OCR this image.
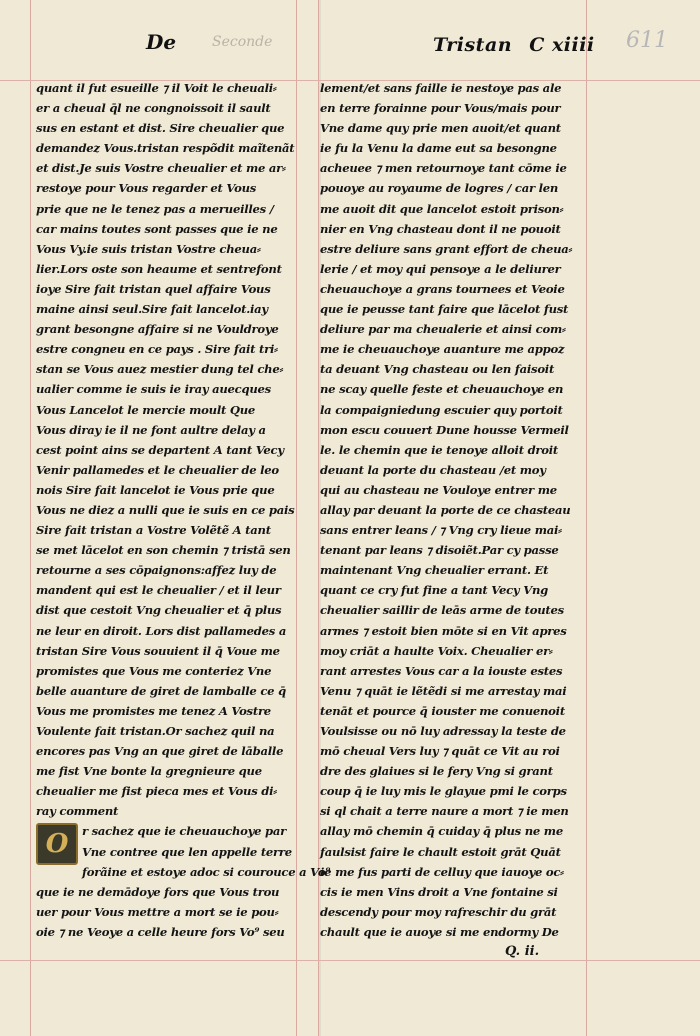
De	Seconde	Tristan C xiiii 611
quant il fut esueille ⁊ il Voit le cheuali⸗
er a cheual q̄l ne congnoissoit il sault
sus en estant et dist. Sire cheualier que
demandez Vous.tristan respõdit maĩtenãt
et dist.Je suis Vostre cheualier et me ar⸗
restoye pour Vous regarder et Vous
prie que ne le tenez pas a merueilles /
car mains toutes sont passes que ie ne
Vous Vy.ie suis tristan Vostre cheua⸗
lier.Lors oste son heaume et sentrefont
ioye Sire fait tristan quel affaire Vous
maine ainsi seul.Sire fait lancelot.iay
grant besongne affaire si ne Vouldroye
estre congneu en ce pays . Sire fait tri⸗
stan se Vous auez mestier dung tel che⸗
ualier comme ie suis ie iray auecques
Vous Lancelot le mercie moult Que
Vous diray ie il ne font aultre delay a
cest point ains se departent A tant Vecy
Venir pallamedes et le cheualier de leo
nois Sire fait lancelot ie Vous prie que
Vous ne diez a nulli que ie suis en ce pais
Sire fait tristan a Vostre Volẽtẽ A tant
se met lācelot en son chemin ⁊ tristā sen
retourne a ses cōpaignons:affez luy de
mandent qui est le cheualier / et il leur
dist que cestoit Vng cheualier et q̄ plus
ne leur en diroit. Lors dist pallamedes a
tristan Sire Vous souuient il q̄ Voue me
promistes que Vous me conteriez Vne
belle auanture de giret de lamballe ce q̄
Vous me promistes me tenez A Vostre
Voulente fait tristan.Or sachez quil na
encores pas Vng an que giret de lāballe
me fist Vne bonte la gregnieure que
cheualier me fist pieca mes et Vous di⸗
ray comment
O	r sachez que ie cheuauchoye par
Vne contree que len appelle terre
forãine et estoye adoc si courouce a Vo⁹
que ie ne demādoye fors que Vous trou
uer pour Vous mettre a mort se ie pou⸗
oie ⁊ ne Veoye a celle heure fors Vo⁹ seu
lement/et sans faille ie nestoye pas ale
en terre forainne pour Vous/mais pour
Vne dame quy prie men auoit/et quant
ie fu la Venu la dame eut sa besongne
acheuee ⁊ men retournoye tant cōme ie
pouoye au royaume de logres / car len
me auoit dit que lancelot estoit prison⸗
nier en Vng chasteau dont il ne pouoit
estre deliure sans grant effort de cheua⸗
lerie / et moy qui pensoye a le deliurer
cheuauchoye a grans tournees et Veoie
que ie peusse tant faire que lācelot fust
deliure par ma cheualerie et ainsi com⸗
me ie cheuauchoye auanture me appoz
ta deuant Vng chasteau ou len faisoit
ne scay quelle feste et cheuauchoye en
la compaigniedung escuier quy portoit
mon escu couuert Dune housse Vermeil
le. le chemin que ie tenoye alloit droit
deuant la porte du chasteau /et moy
qui au chasteau ne Vouloye entrer me
allay par deuant la porte de ce chasteau
sans entrer leans / ⁊ Vng cry lieue mai⸗
tenant par leans ⁊ disoiẽt.Par cy passe
maintenant Vng cheualier errant. Et
quant ce cry fut fine a tant Vecy Vng
cheualier saillir de leās arme de toutes
armes ⁊ estoit bien mōte si en Vit apres
moy criāt a haulte Voix. Cheualier er⸗
rant arrestes Vous car a la iouste estes
Venu ⁊ quāt ie lẽtẽdi si me arrestay mai
tenāt et pource q̄ iouster me conuenoit
Voulsisse ou nō luy adressay la teste de
mō cheual Vers luy ⁊ quāt ce Vit au roi
dre des glaiues si le fery Vng si grant
coup q̄ ie luy mis le glayue pmi le corps
si ql chait a terre naure a mort ⁊ ie men
allay mō chemin q̄ cuiday q̄ plus ne me
faulsist faire le chault estoit grāt Quāt
ie me fus parti de celluy que iauoye oc⸗
cis ie men Vins droit a Vne fontaine si
descendy pour moy rafreschir du grāt
chault que ie auoye si me endormy De
Q. ii.
